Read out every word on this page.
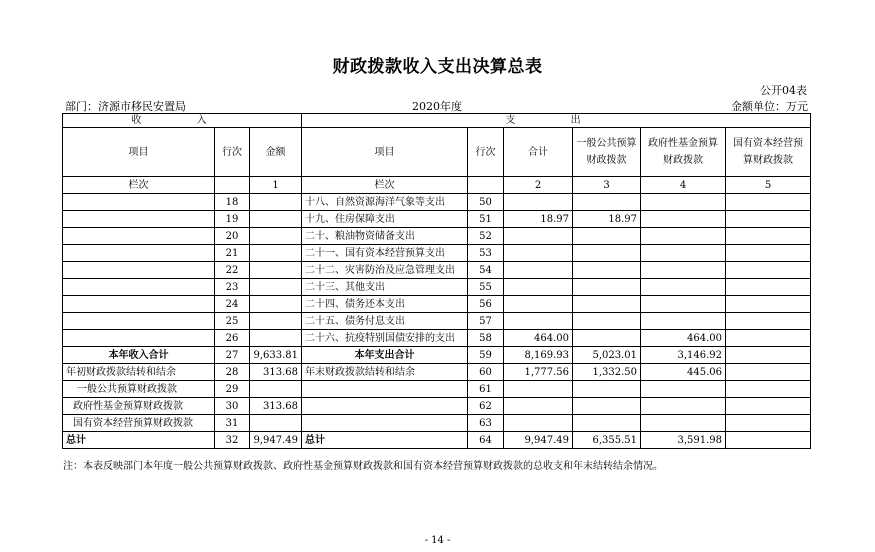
财政拨款收入支出决算总表
公开04表
部门：济源市移民安置局	2020年度	金额单位：万元
收 入			支 出					
项目	行次	金额	项目	行次	合计	一般公共预算财政拨款	政府性基金预算财政拨款	国有资本经营预算财政拨款
栏次		1	栏次		2	3	4	5
	18		十八、自然资源海洋气象等支出	50				
	19		十九、住房保障支出	51	18.97	18.97		
	20		二十、粮油物资储备支出	52				
	21		二十一、国有资本经营预算支出	53				
	22		二十二、灾害防治及应急管理支出	54				
	23		二十三、其他支出	55				
	24		二十四、债务还本支出	56				
	25		二十五、债务付息支出	57				
	26		二十六、抗疫特别国债安排的支出	58	464.00		464.00	
本年收入合计	27	9,633.81	本年支出合计	59	8,169.93	5,023.01	3,146.92	
年初财政拨款结转和结余	28	313.68	年末财政拨款结转和结余	60	1,777.56	1,332.50	445.06	
一般公共预算财政拨款	29			61				
政府性基金预算财政拨款	30	313.68		62				
国有资本经营预算财政拨款	31			63				
总计	32	9,947.49	总计	64	9,947.49	6,355.51	3,591.98	
注：本表反映部门本年度一般公共预算财政拨款、政府性基金预算财政拨款和国有资本经营预算财政拨款的总收支和年末结转结余情况。
- 14 -
